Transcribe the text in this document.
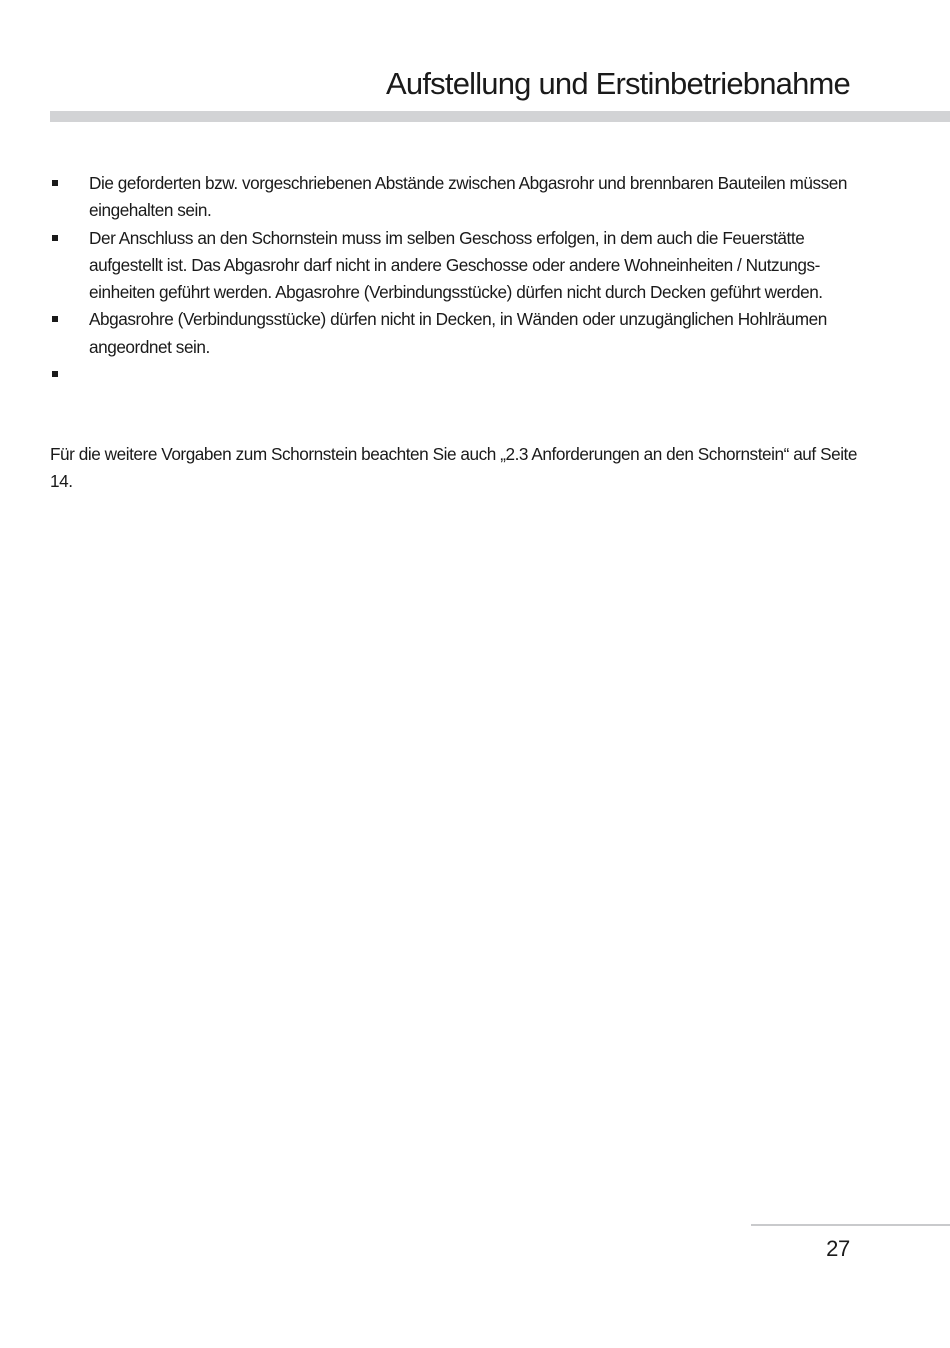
Aufstellung und Erstinbetriebnahme
Die geforderten bzw. vorgeschriebenen Abstände zwischen Abgasrohr und brennbaren Bauteilen müssen eingehalten sein.
Der Anschluss an den Schornstein muss im selben Geschoss erfolgen, in dem auch die Feuerstätte aufgestellt ist. Das Abgasrohr darf nicht in andere Geschosse oder andere Wohneinheiten / Nutzungseinheiten geführt werden. Abgasrohre (Verbindungsstücke) dürfen nicht durch Decken geführt werden.
Abgasrohre (Verbindungsstücke) dürfen nicht in Decken, in Wänden oder unzugänglichen Hohlräumen angeordnet sein.

Für die weitere Vorgaben zum Schornstein beachten Sie auch „2.3 Anforderungen an den Schornstein“ auf Seite 14.

27
